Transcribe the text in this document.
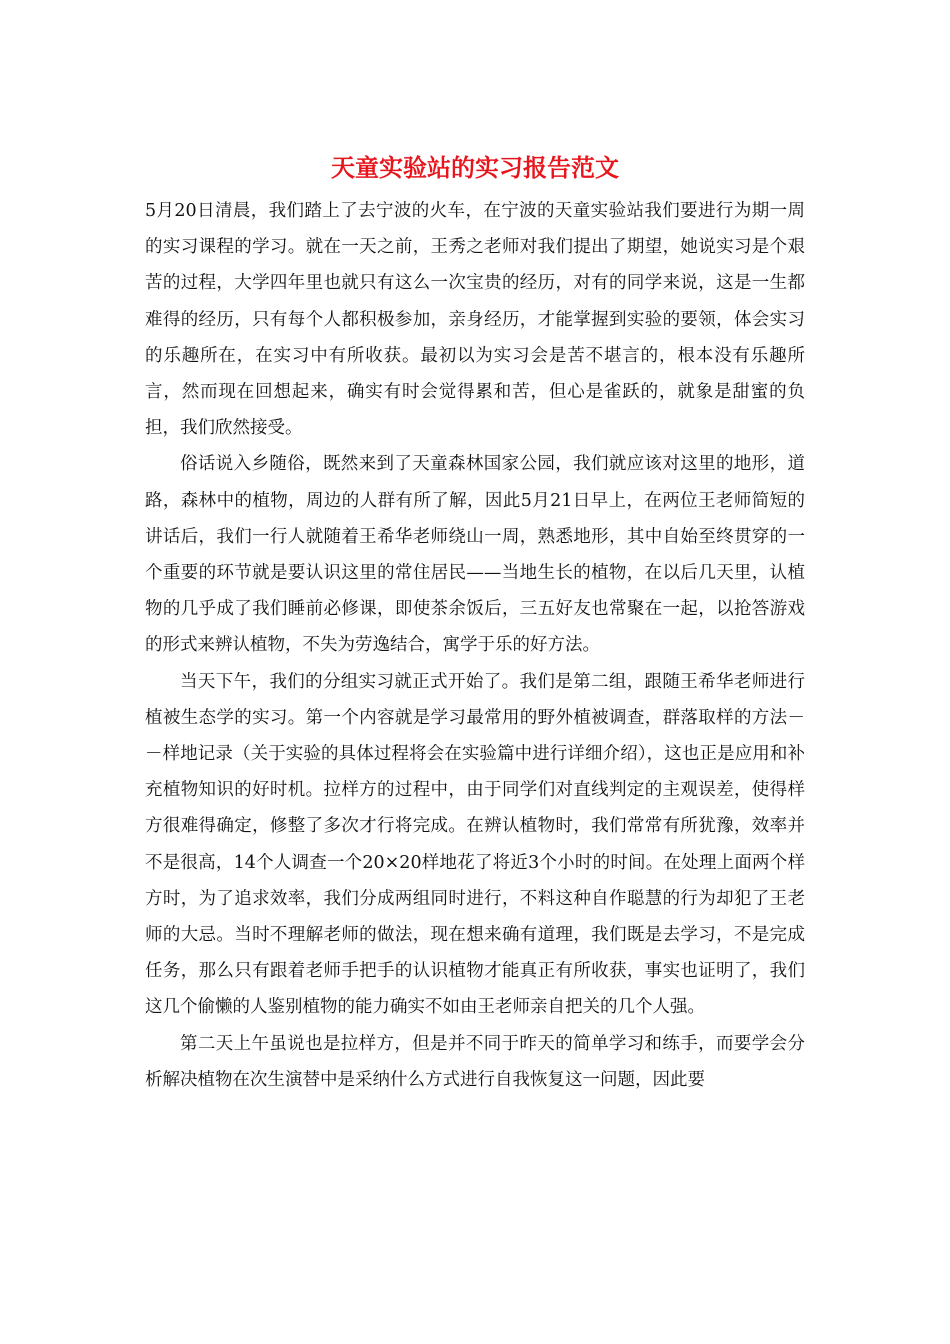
天童实验站的实习报告范文

5月20日清晨，我们踏上了去宁波的火车，在宁波的天童实验站我们要进行为期一周的实习课程的学习。就在一天之前，王秀之老师对我们提出了期望，她说实习是个艰苦的过程，大学四年里也就只有这么一次宝贵的经历，对有的同学来说，这是一生都难得的经历，只有每个人都积极参加，亲身经历，才能掌握到实验的要领，体会实习的乐趣所在，在实习中有所收获。最初以为实习会是苦不堪言的，根本没有乐趣所言，然而现在回想起来，确实有时会觉得累和苦，但心是雀跃的，就象是甜蜜的负担，我们欣然接受。

俗话说入乡随俗，既然来到了天童森林国家公园，我们就应该对这里的地形，道路，森林中的植物，周边的人群有所了解，因此5月21日早上，在两位王老师简短的讲话后，我们一行人就随着王希华老师绕山一周，熟悉地形，其中自始至终贯穿的一个重要的环节就是要认识这里的常住居民——当地生长的植物，在以后几天里，认植物的几乎成了我们睡前必修课，即使茶余饭后，三五好友也常聚在一起，以抢答游戏的形式来辨认植物，不失为劳逸结合，寓学于乐的好方法。

当天下午，我们的分组实习就正式开始了。我们是第二组，跟随王希华老师进行植被生态学的实习。第一个内容就是学习最常用的野外植被调查，群落取样的方法－－样地记录（关于实验的具体过程将会在实验篇中进行详细介绍），这也正是应用和补充植物知识的好时机。拉样方的过程中，由于同学们对直线判定的主观误差，使得样方很难得确定，修整了多次才行将完成。在辨认植物时，我们常常有所犹豫，效率并不是很高，14个人调查一个20×20样地花了将近3个小时的时间。在处理上面两个样方时，为了追求效率，我们分成两组同时进行，不料这种自作聪慧的行为却犯了王老师的大忌。当时不理解老师的做法，现在想来确有道理，我们既是去学习，不是完成任务，那么只有跟着老师手把手的认识植物才能真正有所收获，事实也证明了，我们这几个偷懒的人鉴别植物的能力确实不如由王老师亲自把关的几个人强。

第二天上午虽说也是拉样方，但是并不同于昨天的简单学习和练手，而要学会分析解决植物在次生演替中是采纳什么方式进行自我恢复这一问题，因此要
